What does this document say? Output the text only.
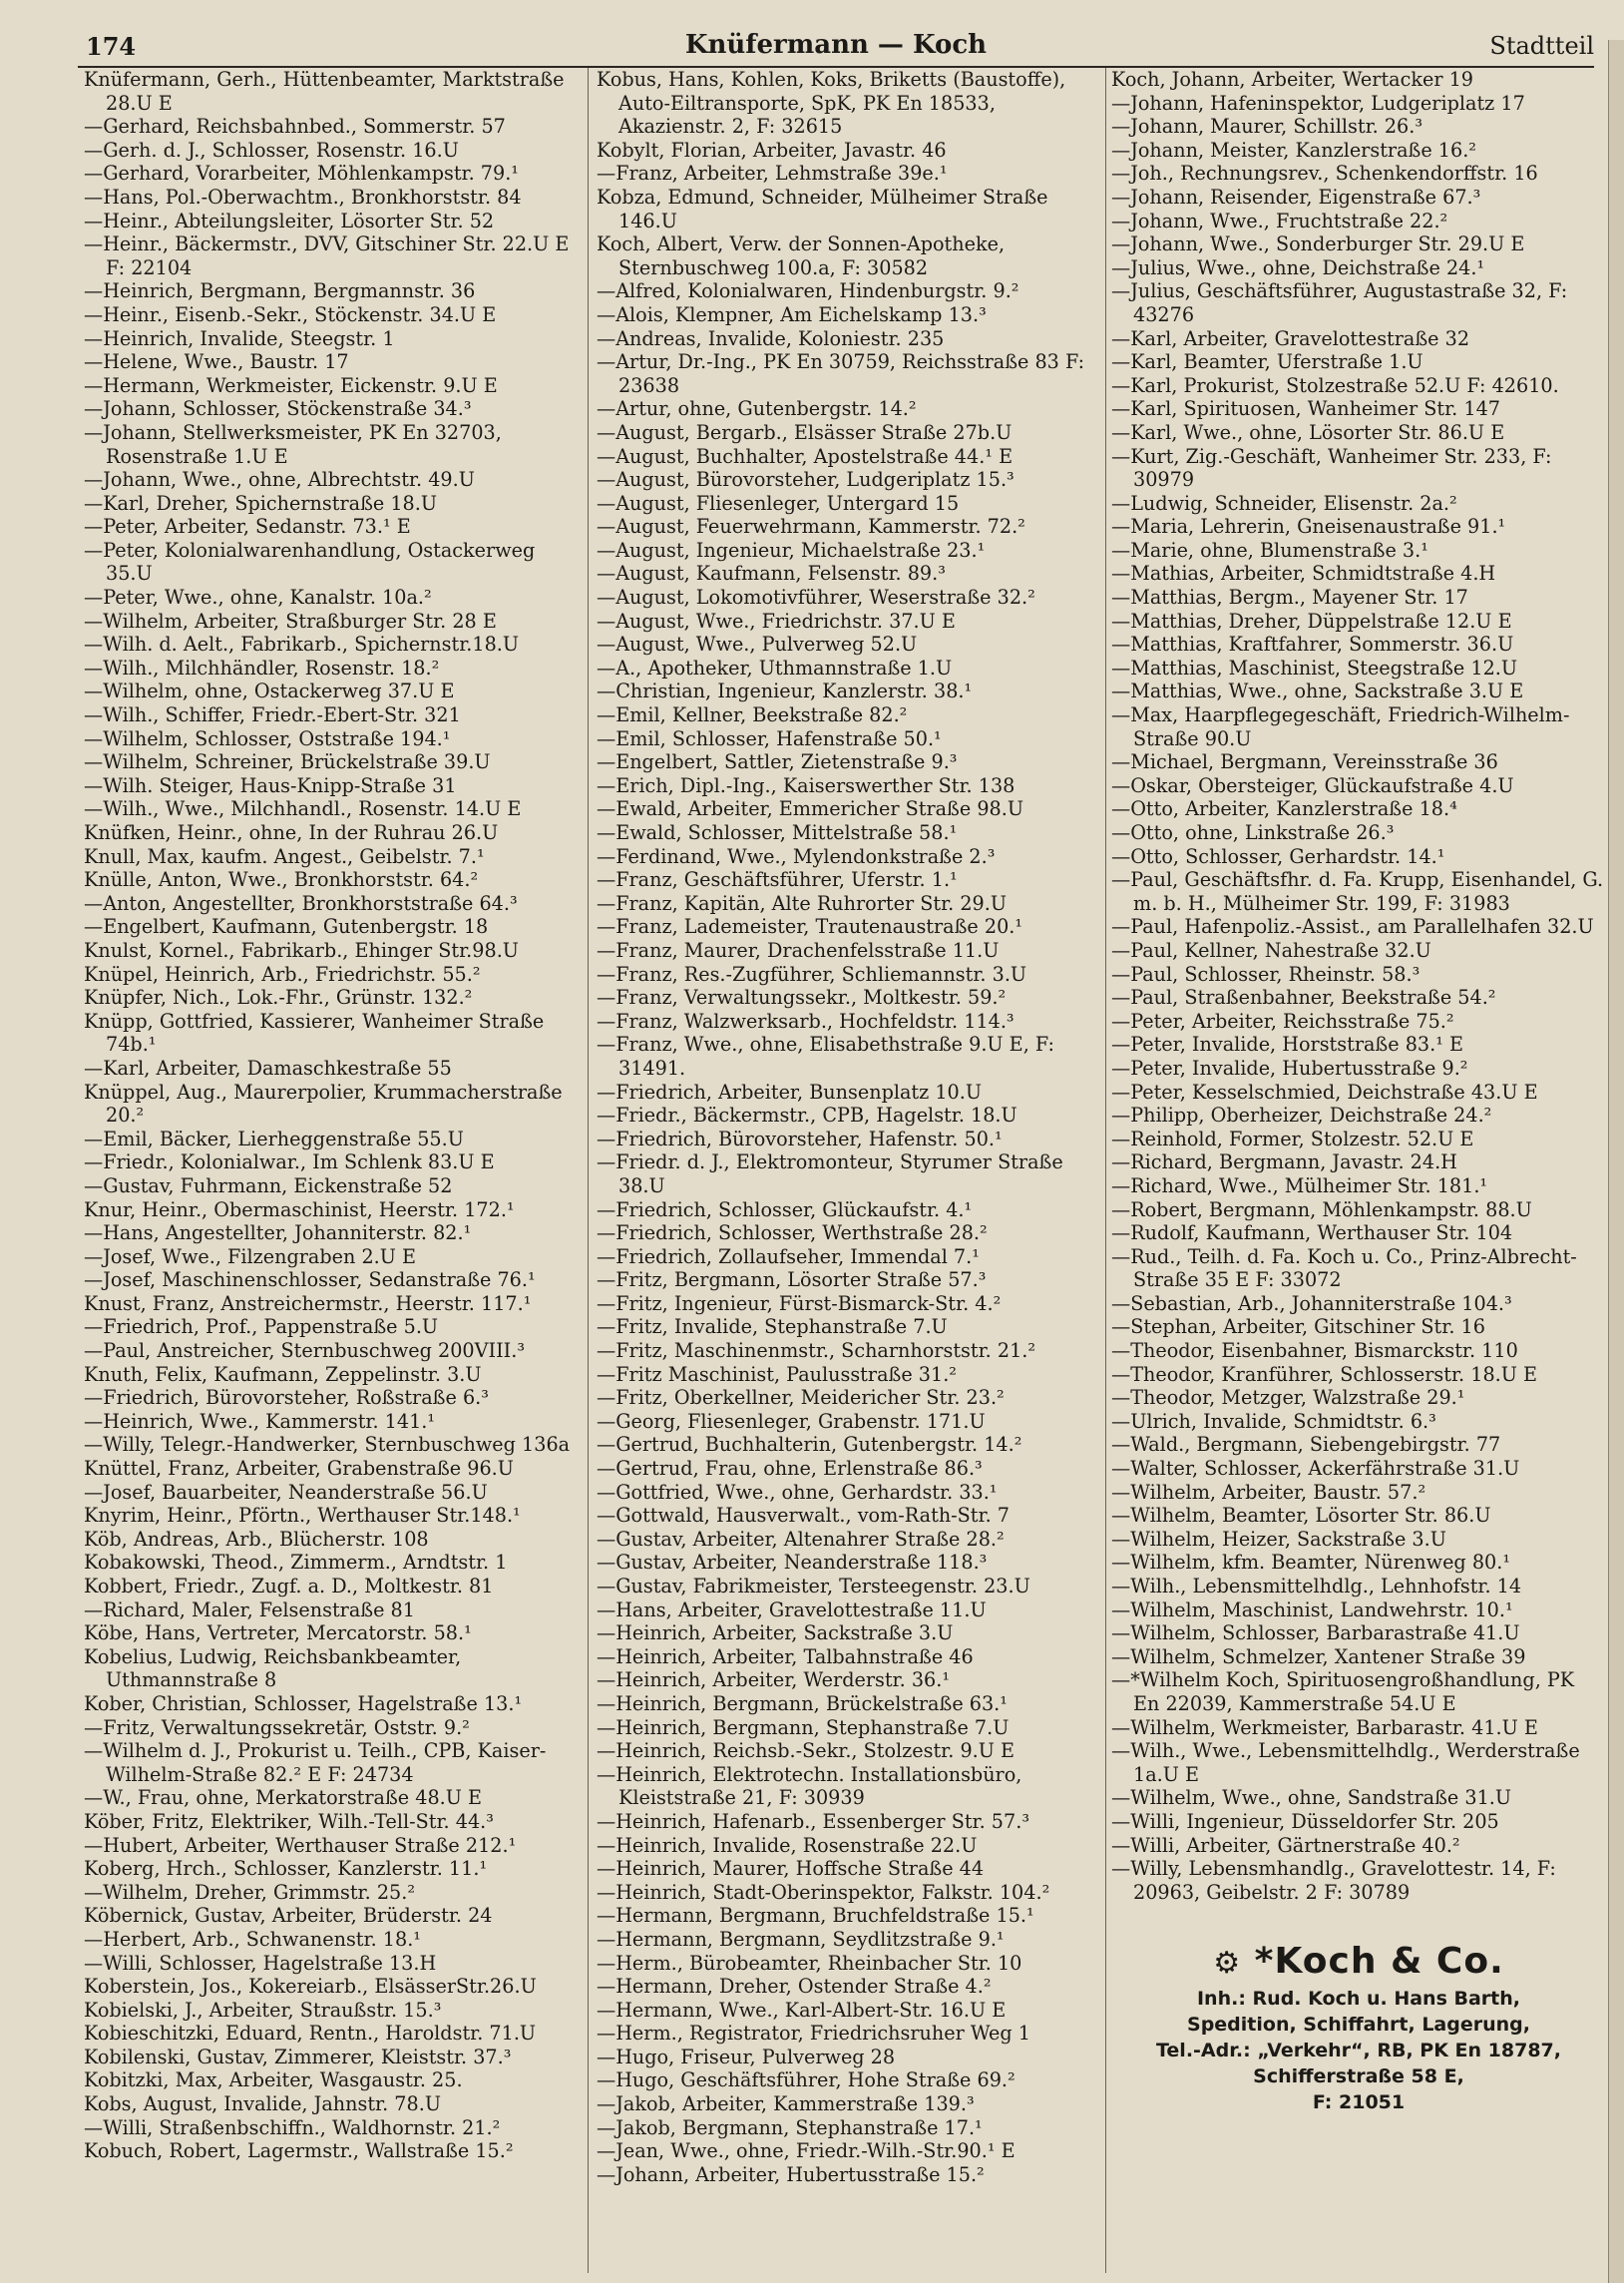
174	Knüfermann — Koch	Stadtteil
Knüfermann, Gerh., Hüttenbeamter, Marktstraße 28.U E
—Gerhard, Reichsbahnbed., Sommerstr. 57
—Gerh. d. J., Schlosser, Rosenstr. 16.U
—Gerhard, Vorarbeiter, Möhlenkampstr. 79.¹
—Hans, Pol.-Oberwachtm., Bronkhorststr. 84
—Heinr., Abteilungsleiter, Lösorter Str. 52
—Heinr., Bäckermstr., DVV, Gitschiner Str. 22.U E F: 22104
—Heinrich, Bergmann, Bergmannstr. 36
—Heinr., Eisenb.-Sekr., Stöckenstr. 34.U E
—Heinrich, Invalide, Steegstr. 1
—Helene, Wwe., Baustr. 17
—Hermann, Werkmeister, Eickenstr. 9.U E
—Johann, Schlosser, Stöckenstraße 34.³
—Johann, Stellwerksmeister, PK En 32703, Rosenstraße 1.U E
—Johann, Wwe., ohne, Albrechtstr. 49.U
—Karl, Dreher, Spichernstraße 18.U
—Peter, Arbeiter, Sedanstr. 73.¹ E
—Peter, Kolonialwarenhandlung, Ostackerweg 35.U
—Peter, Wwe., ohne, Kanalstr. 10a.²
—Wilhelm, Arbeiter, Straßburger Str. 28 E
—Wilh. d. Aelt., Fabrikarb., Spichernstr.18.U
—Wilh., Milchhändler, Rosenstr. 18.²
—Wilhelm, ohne, Ostackerweg 37.U E
—Wilh., Schiffer, Friedr.-Ebert-Str. 321
—Wilhelm, Schlosser, Oststraße 194.¹
—Wilhelm, Schreiner, Brückelstraße 39.U
—Wilh. Steiger, Haus-Knipp-Straße 31
—Wilh., Wwe., Milchhandl., Rosenstr. 14.U E
Knüfken, Heinr., ohne, In der Ruhrau 26.U
Knull, Max, kaufm. Angest., Geibelstr. 7.¹
Knülle, Anton, Wwe., Bronkhorststr. 64.²
—Anton, Angestellter, Bronkhorststraße 64.³
—Engelbert, Kaufmann, Gutenbergstr. 18
Knulst, Kornel., Fabrikarb., Ehinger Str.98.U
Knüpel, Heinrich, Arb., Friedrichstr. 55.²
Knüpfer, Nich., Lok.-Fhr., Grünstr. 132.²
Knüpp, Gottfried, Kassierer, Wanheimer Straße 74b.¹
—Karl, Arbeiter, Damaschkestraße 55
Knüppel, Aug., Maurerpolier, Krummacherstraße 20.²
—Emil, Bäcker, Lierheggenstraße 55.U
—Friedr., Kolonialwar., Im Schlenk 83.U E
—Gustav, Fuhrmann, Eickenstraße 52
Knur, Heinr., Obermaschinist, Heerstr. 172.¹
—Hans, Angestellter, Johanniterstr. 82.¹
—Josef, Wwe., Filzengraben 2.U E
—Josef, Maschinenschlosser, Sedanstraße 76.¹
Knust, Franz, Anstreichermstr., Heerstr. 117.¹
—Friedrich, Prof., Pappenstraße 5.U
—Paul, Anstreicher, Sternbuschweg 200VIII.³
Knuth, Felix, Kaufmann, Zeppelinstr. 3.U
—Friedrich, Bürovorsteher, Roßstraße 6.³
—Heinrich, Wwe., Kammerstr. 141.¹
—Willy, Telegr.-Handwerker, Sternbuschweg 136a
Knüttel, Franz, Arbeiter, Grabenstraße 96.U
—Josef, Bauarbeiter, Neanderstraße 56.U
Knyrim, Heinr., Pförtn., Werthauser Str.148.¹
Köb, Andreas, Arb., Blücherstr. 108
Kobakowski, Theod., Zimmerm., Arndtstr. 1
Kobbert, Friedr., Zugf. a. D., Moltkestr. 81
—Richard, Maler, Felsenstraße 81
Köbe, Hans, Vertreter, Mercatorstr. 58.¹
Kobelius, Ludwig, Reichsbankbeamter, Uthmannstraße 8
Kober, Christian, Schlosser, Hagelstraße 13.¹
—Fritz, Verwaltungssekretär, Oststr. 9.²
—Wilhelm d. J., Prokurist u. Teilh., CPB, Kaiser-Wilhelm-Straße 82.² E F: 24734
—W., Frau, ohne, Merkatorstraße 48.U E
Köber, Fritz, Elektriker, Wilh.-Tell-Str. 44.³
—Hubert, Arbeiter, Werthauser Straße 212.¹
Koberg, Hrch., Schlosser, Kanzlerstr. 11.¹
—Wilhelm, Dreher, Grimmstr. 25.²
Köbernick, Gustav, Arbeiter, Brüderstr. 24
—Herbert, Arb., Schwanenstr. 18.¹
—Willi, Schlosser, Hagelstraße 13.H
Koberstein, Jos., Kokereiarb., ElsässerStr.26.U
Kobielski, J., Arbeiter, Straußstr. 15.³
Kobieschitzki, Eduard, Rentn., Haroldstr. 71.U
Kobilenski, Gustav, Zimmerer, Kleiststr. 37.³
Kobitzki, Max, Arbeiter, Wasgaustr. 25.
Kobs, August, Invalide, Jahnstr. 78.U
—Willi, Straßenbschiffn., Waldhornstr. 21.²
Kobuch, Robert, Lagermstr., Wallstraße 15.²
Kobus, Hans, Kohlen, Koks, Briketts (Baustoffe), Auto-Eiltransporte, SpK, PK En 18533, Akazienstr. 2, F: 32615
Kobylt, Florian, Arbeiter, Javastr. 46
—Franz, Arbeiter, Lehmstraße 39e.¹
Kobza, Edmund, Schneider, Mülheimer Straße 146.U
Koch, Albert, Verw. der Sonnen-Apotheke, Sternbuschweg 100.a, F: 30582
—Alfred, Kolonialwaren, Hindenburgstr. 9.²
—Alois, Klempner, Am Eichelskamp 13.³
—Andreas, Invalide, Koloniestr. 235
—Artur, Dr.-Ing., PK En 30759, Reichsstraße 83 F: 23638
—Artur, ohne, Gutenbergstr. 14.²
—August, Bergarb., Elsässer Straße 27b.U
—August, Buchhalter, Apostelstraße 44.¹ E
—August, Bürovorsteher, Ludgeriplatz 15.³
—August, Fliesenleger, Untergard 15
—August, Feuerwehrmann, Kammerstr. 72.²
—August, Ingenieur, Michaelstraße 23.¹
—August, Kaufmann, Felsenstr. 89.³
—August, Lokomotivführer, Weserstraße 32.²
—August, Wwe., Friedrichstr. 37.U E
—August, Wwe., Pulverweg 52.U
—A., Apotheker, Uthmannstraße 1.U
—Christian, Ingenieur, Kanzlerstr. 38.¹
—Emil, Kellner, Beekstraße 82.²
—Emil, Schlosser, Hafenstraße 50.¹
—Engelbert, Sattler, Zietenstraße 9.³
—Erich, Dipl.-Ing., Kaiserswerther Str. 138
—Ewald, Arbeiter, Emmericher Straße 98.U
—Ewald, Schlosser, Mittelstraße 58.¹
—Ferdinand, Wwe., Mylendonkstraße 2.³
—Franz, Geschäftsführer, Uferstr. 1.¹
—Franz, Kapitän, Alte Ruhrorter Str. 29.U
—Franz, Lademeister, Trautenaustraße 20.¹
—Franz, Maurer, Drachenfelsstraße 11.U
—Franz, Res.-Zugführer, Schliemannstr. 3.U
—Franz, Verwaltungssekr., Moltkestr. 59.²
—Franz, Walzwerksarb., Hochfeldstr. 114.³
—Franz, Wwe., ohne, Elisabethstraße 9.U E, F: 31491.
—Friedrich, Arbeiter, Bunsenplatz 10.U
—Friedr., Bäckermstr., CPB, Hagelstr. 18.U
—Friedrich, Bürovorsteher, Hafenstr. 50.¹
—Friedr. d. J., Elektromonteur, Styrumer Straße 38.U
—Friedrich, Schlosser, Glückaufstr. 4.¹
—Friedrich, Schlosser, Werthstraße 28.²
—Friedrich, Zollaufseher, Immendal 7.¹
—Fritz, Bergmann, Lösorter Straße 57.³
—Fritz, Ingenieur, Fürst-Bismarck-Str. 4.²
—Fritz, Invalide, Stephanstraße 7.U
—Fritz, Maschinenmstr., Scharnhorststr. 21.²
—Fritz Maschinist, Paulusstraße 31.²
—Fritz, Oberkellner, Meidericher Str. 23.²
—Georg, Fliesenleger, Grabenstr. 171.U
—Gertrud, Buchhalterin, Gutenbergstr. 14.²
—Gertrud, Frau, ohne, Erlenstraße 86.³
—Gottfried, Wwe., ohne, Gerhardstr. 33.¹
—Gottwald, Hausverwalt., vom-Rath-Str. 7
—Gustav, Arbeiter, Altenahrer Straße 28.²
—Gustav, Arbeiter, Neanderstraße 118.³
—Gustav, Fabrikmeister, Tersteegenstr. 23.U
—Hans, Arbeiter, Gravelottestraße 11.U
—Heinrich, Arbeiter, Sackstraße 3.U
—Heinrich, Arbeiter, Talbahnstraße 46
—Heinrich, Arbeiter, Werderstr. 36.¹
—Heinrich, Bergmann, Brückelstraße 63.¹
—Heinrich, Bergmann, Stephanstraße 7.U
—Heinrich, Reichsb.-Sekr., Stolzestr. 9.U E
—Heinrich, Elektrotechn. Installationsbüro, Kleiststraße 21, F: 30939
—Heinrich, Hafenarb., Essenberger Str. 57.³
—Heinrich, Invalide, Rosenstraße 22.U
—Heinrich, Maurer, Hoffsche Straße 44
—Heinrich, Stadt-Oberinspektor, Falkstr. 104.²
—Hermann, Bergmann, Bruchfeldstraße 15.¹
—Hermann, Bergmann, Seydlitzstraße 9.¹
—Herm., Bürobeamter, Rheinbacher Str. 10
—Hermann, Dreher, Ostender Straße 4.²
—Hermann, Wwe., Karl-Albert-Str. 16.U E
—Herm., Registrator, Friedrichsruher Weg 1
—Hugo, Friseur, Pulverweg 28
—Hugo, Geschäftsführer, Hohe Straße 69.²
—Jakob, Arbeiter, Kammerstraße 139.³
—Jakob, Bergmann, Stephanstraße 17.¹
—Jean, Wwe., ohne, Friedr.-Wilh.-Str.90.¹ E
—Johann, Arbeiter, Hubertusstraße 15.²
Koch, Johann, Arbeiter, Wertacker 19
—Johann, Hafeninspektor, Ludgeriplatz 17
—Johann, Maurer, Schillstr. 26.³
—Johann, Meister, Kanzlerstraße 16.²
—Joh., Rechnungsrev., Schenkendorffstr. 16
—Johann, Reisender, Eigenstraße 67.³
—Johann, Wwe., Fruchtstraße 22.²
—Johann, Wwe., Sonderburger Str. 29.U E
—Julius, Wwe., ohne, Deichstraße 24.¹
—Julius, Geschäftsführer, Augustastraße 32, F: 43276
—Karl, Arbeiter, Gravelottestraße 32
—Karl, Beamter, Uferstraße 1.U
—Karl, Prokurist, Stolzestraße 52.U F: 42610.
—Karl, Spirituosen, Wanheimer Str. 147
—Karl, Wwe., ohne, Lösorter Str. 86.U E
—Kurt, Zig.-Geschäft, Wanheimer Str. 233, F: 30979
—Ludwig, Schneider, Elisenstr. 2a.²
—Maria, Lehrerin, Gneisenaustraße 91.¹
—Marie, ohne, Blumenstraße 3.¹
—Mathias, Arbeiter, Schmidtstraße 4.H
—Matthias, Bergm., Mayener Str. 17
—Matthias, Dreher, Düppelstraße 12.U E
—Matthias, Kraftfahrer, Sommerstr. 36.U
—Matthias, Maschinist, Steegstraße 12.U
—Matthias, Wwe., ohne, Sackstraße 3.U E
—Max, Haarpflegegeschäft, Friedrich-Wilhelm-Straße 90.U
—Michael, Bergmann, Vereinsstraße 36
—Oskar, Obersteiger, Glückaufstraße 4.U
—Otto, Arbeiter, Kanzlerstraße 18.⁴
—Otto, ohne, Linkstraße 26.³
—Otto, Schlosser, Gerhardstr. 14.¹
—Paul, Geschäftsfhr. d. Fa. Krupp, Eisenhandel, G. m. b. H., Mülheimer Str. 199, F: 31983
—Paul, Hafenpoliz.-Assist., am Parallelhafen 32.U
—Paul, Kellner, Nahestraße 32.U
—Paul, Schlosser, Rheinstr. 58.³
—Paul, Straßenbahner, Beekstraße 54.²
—Peter, Arbeiter, Reichsstraße 75.²
—Peter, Invalide, Horststraße 83.¹ E
—Peter, Invalide, Hubertusstraße 9.²
—Peter, Kesselschmied, Deichstraße 43.U E
—Philipp, Oberheizer, Deichstraße 24.²
—Reinhold, Former, Stolzestr. 52.U E
—Richard, Bergmann, Javastr. 24.H
—Richard, Wwe., Mülheimer Str. 181.¹
—Robert, Bergmann, Möhlenkampstr. 88.U
—Rudolf, Kaufmann, Werthauser Str. 104
—Rud., Teilh. d. Fa. Koch u. Co., Prinz-Albrecht-Straße 35 E F: 33072
—Sebastian, Arb., Johanniterstraße 104.³
—Stephan, Arbeiter, Gitschiner Str. 16
—Theodor, Eisenbahner, Bismarckstr. 110
—Theodor, Kranführer, Schlosserstr. 18.U E
—Theodor, Metzger, Walzstraße 29.¹
—Ulrich, Invalide, Schmidtstr. 6.³
—Wald., Bergmann, Siebengebirgstr. 77
—Walter, Schlosser, Ackerfährstraße 31.U
—Wilhelm, Arbeiter, Baustr. 57.²
—Wilhelm, Beamter, Lösorter Str. 86.U
—Wilhelm, Heizer, Sackstraße 3.U
—Wilhelm, kfm. Beamter, Nürenweg 80.¹
—Wilh., Lebensmittelhdlg., Lehnhofstr. 14
—Wilhelm, Maschinist, Landwehrstr. 10.¹
—Wilhelm, Schlosser, Barbarastraße 41.U
—Wilhelm, Schmelzer, Xantener Straße 39
—*Wilhelm Koch, Spirituosengroßhandlung, PK En 22039, Kammerstraße 54.U E
—Wilhelm, Werkmeister, Barbarastr. 41.U E
—Wilh., Wwe., Lebensmittelhdlg., Werderstraße 1a.U E
—Wilhelm, Wwe., ohne, Sandstraße 31.U
—Willi, Ingenieur, Düsseldorfer Str. 205
—Willi, Arbeiter, Gärtnerstraße 40.²
—Willy, Lebensmhandlg., Gravelottestr. 14, F: 20963, Geibelstr. 2 F: 30789
⚙ *Koch & Co.
Inh.: Rud. Koch u. Hans Barth,
Spedition, Schiffahrt, Lagerung,
Tel.-Adr.: „Verkehr“, RB, PK En 18787,
Schifferstraße 58 E,
F: 21051
